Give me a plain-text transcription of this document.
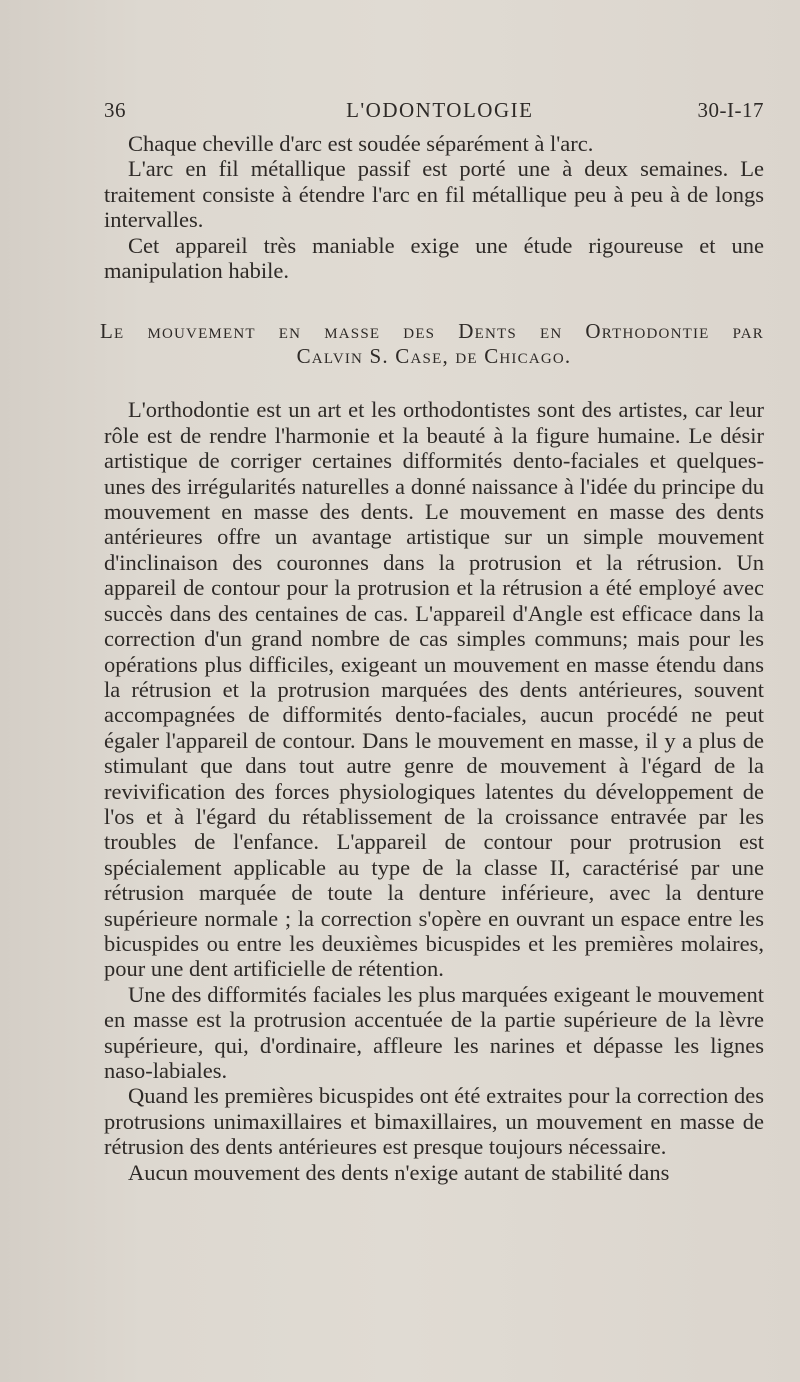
36	L'ODONTOLOGIE	30-I-17

Chaque cheville d'arc est soudée séparément à l'arc.

L'arc en fil métallique passif est porté une à deux semaines. Le traitement consiste à étendre l'arc en fil métallique peu à peu à de longs intervalles.

Cet appareil très maniable exige une étude rigoureuse et une manipulation habile.

Le mouvement en masse des Dents en Orthodontie par
Calvin S. Case, de Chicago.

L'orthodontie est un art et les orthodontistes sont des artistes, car leur rôle est de rendre l'harmonie et la beauté à la figure humaine. Le désir artistique de corriger certaines difformités dento-faciales et quelques-unes des irrégularités naturelles a donné naissance à l'idée du principe du mouvement en masse des dents. Le mouvement en masse des dents antérieures offre un avantage artistique sur un simple mouvement d'inclinaison des couronnes dans la protrusion et la rétrusion. Un appareil de contour pour la protrusion et la rétrusion a été employé avec succès dans des centaines de cas. L'appareil d'Angle est efficace dans la correction d'un grand nombre de cas simples communs; mais pour les opérations plus difficiles, exigeant un mouvement en masse étendu dans la rétrusion et la protrusion marquées des dents antérieures, souvent accompagnées de difformités dento-faciales, aucun procédé ne peut égaler l'appareil de contour. Dans le mouvement en masse, il y a plus de stimulant que dans tout autre genre de mouvement à l'égard de la revivification des forces physiologiques latentes du développement de l'os et à l'égard du rétablissement de la croissance entravée par les troubles de l'enfance. L'appareil de contour pour protrusion est spécialement applicable au type de la classe II, caractérisé par une rétrusion marquée de toute la denture inférieure, avec la denture supérieure normale ; la correction s'opère en ouvrant un espace entre les bicuspides ou entre les deuxièmes bicuspides et les premières molaires, pour une dent artificielle de rétention.

Une des difformités faciales les plus marquées exigeant le mouvement en masse est la protrusion accentuée de la partie supérieure de la lèvre supérieure, qui, d'ordinaire, affleure les narines et dépasse les lignes naso-labiales.

Quand les premières bicuspides ont été extraites pour la correction des protrusions unimaxillaires et bimaxillaires, un mouvement en masse de rétrusion des dents antérieures est presque toujours nécessaire.

Aucun mouvement des dents n'exige autant de stabilité dans
